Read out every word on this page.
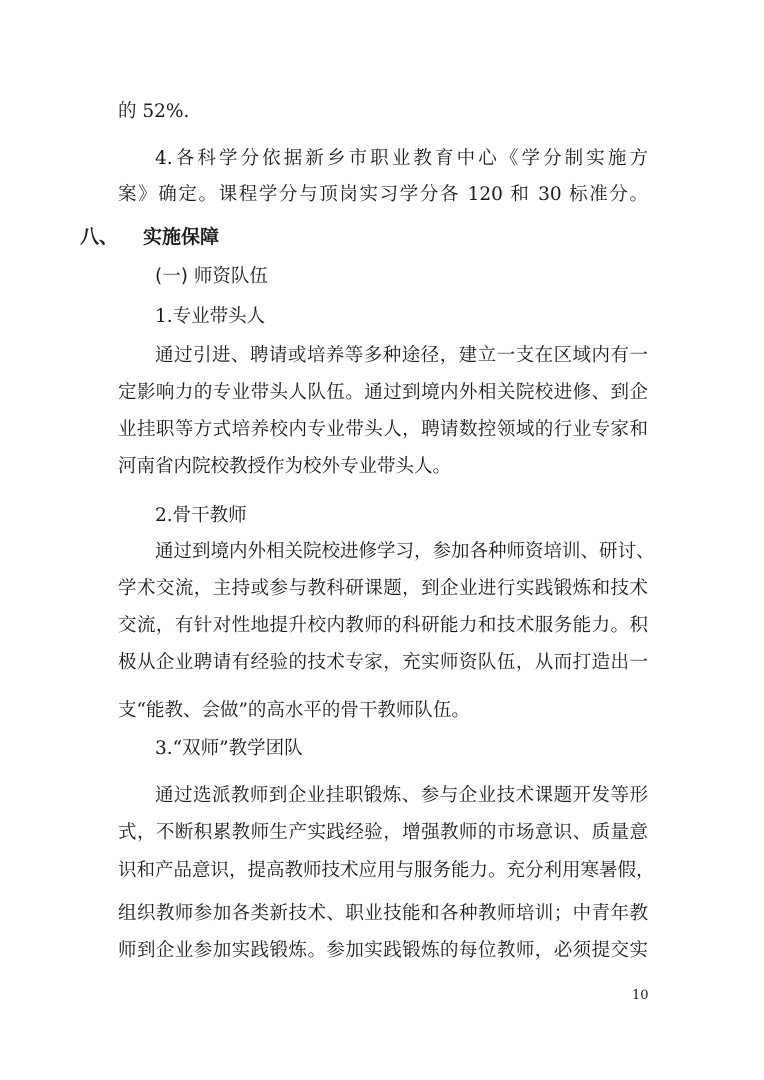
的 52%.
4.各科学分依据新乡市职业教育中心《学分制实施方
案》确定。课程学分与顶岗实习学分各 120 和 30 标准分。
八、 实施保障
(一) 师资队伍
1.专业带头人
通过引进、聘请或培养等多种途径，建立一支在区域内有一
定影响力的专业带头人队伍。通过到境内外相关院校进修、到企
业挂职等方式培养校内专业带头人，聘请数控领域的行业专家和
河南省内院校教授作为校外专业带头人。
2.骨干教师
通过到境内外相关院校进修学习，参加各种师资培训、研讨、
学术交流，主持或参与教科研课题，到企业进行实践锻炼和技术
交流，有针对性地提升校内教师的科研能力和技术服务能力。积
极从企业聘请有经验的技术专家，充实师资队伍，从而打造出一
支“能教、会做”的高水平的骨干教师队伍。
3.“双师”教学团队
通过选派教师到企业挂职锻炼、参与企业技术课题开发等形
式，不断积累教师生产实践经验，增强教师的市场意识、质量意
识和产品意识，提高教师技术应用与服务能力。充分利用寒暑假，
组织教师参加各类新技术、职业技能和各种教师培训；中青年教
师到企业参加实践锻炼。参加实践锻炼的每位教师，必须提交实
10
